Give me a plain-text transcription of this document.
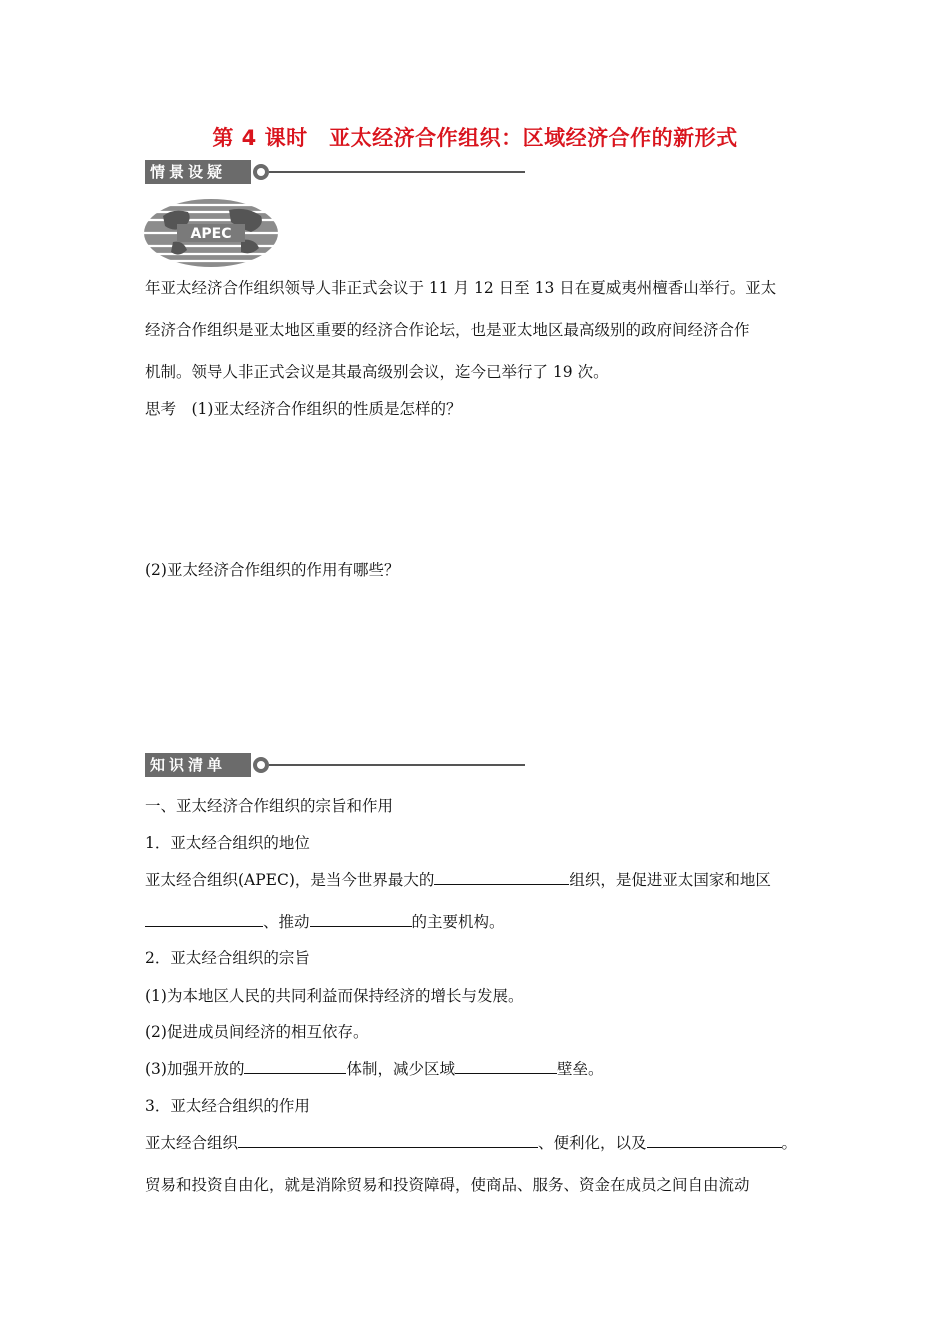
第 4 课时　亚太经济合作组织：区域经济合作的新形式
情景设疑
APEC
年亚太经济合作组织领导人非正式会议于 11 月 12 日至 13 日在夏威夷州檀香山举行。亚太
经济合作组织是亚太地区重要的经济合作论坛，也是亚太地区最高级别的政府间经济合作
机制。领导人非正式会议是其最高级别会议，迄今已举行了 19 次。
思考　(1)亚太经济合作组织的性质是怎样的？
(2)亚太经济合作组织的作用有哪些？
知识清单
一、亚太经济合作组织的宗旨和作用
1．亚太经合组织的地位
亚太经合组织(APEC)，是当今世界最大的	组织，是促进亚太国家和地区
、推动	的主要机构。
2．亚太经合组织的宗旨
(1)为本地区人民的共同利益而保持经济的增长与发展。
(2)促进成员间经济的相互依存。
(3)加强开放的	体制，减少区域	壁垒。
3．亚太经合组织的作用
亚太经合组织	、便利化，以及	。
贸易和投资自由化，就是消除贸易和投资障碍，使商品、服务、资金在成员之间自由流动
